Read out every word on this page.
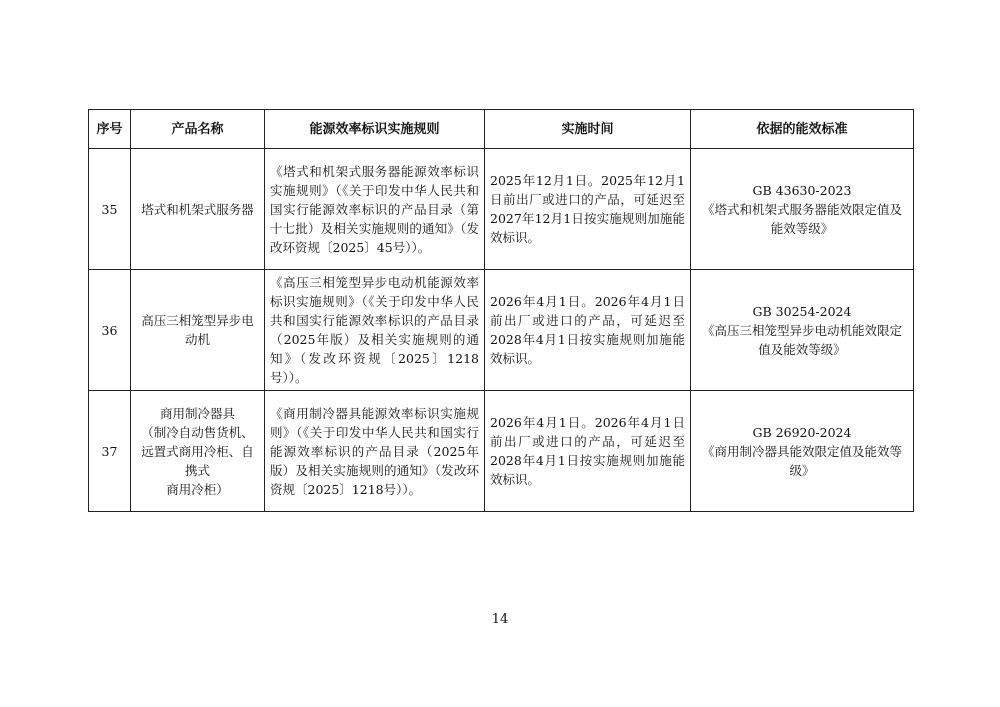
序号	产品名称	能源效率标识实施规则	实施时间	依据的能效标准
35	塔式和机架式服务器	《塔式和机架式服务器能源效率标识实施规则》（《关于印发中华人民共和国实行能源效率标识的产品目录（第十七批）及相关实施规则的通知》（发改环资规〔2025〕45号））。	2025年12月1日。2025年12月1日前出厂或进口的产品，可延迟至2027年12月1日按实施规则加施能效标识。	GB 43630-2023
《塔式和机架式服务器能效限定值及能效等级》

36	高压三相笼型异步电动机	《高压三相笼型异步电动机能源效率标识实施规则》（《关于印发中华人民共和国实行能源效率标识的产品目录（2025年版）及相关实施规则的通知》（发改环资规〔2025〕1218号））。	2026年4月1日。2026年4月1日前出厂或进口的产品，可延迟至2028年4月1日按实施规则加施能效标识。	GB 30254-2024
《高压三相笼型异步电动机能效限定值及能效等级》

37	商用制冷器具
（制冷自动售货机、
远置式商用冷柜、自
携式
商用冷柜）	《商用制冷器具能源效率标识实施规则》（《关于印发中华人民共和国实行能源效率标识的产品目录（2025年版）及相关实施规则的通知》（发改环资规〔2025〕1218号））。	2026年4月1日。2026年4月1日前出厂或进口的产品，可延迟至2028年4月1日按实施规则加施能效标识。	GB 26920-2024
《商用制冷器具能效限定值及能效等级》
14
